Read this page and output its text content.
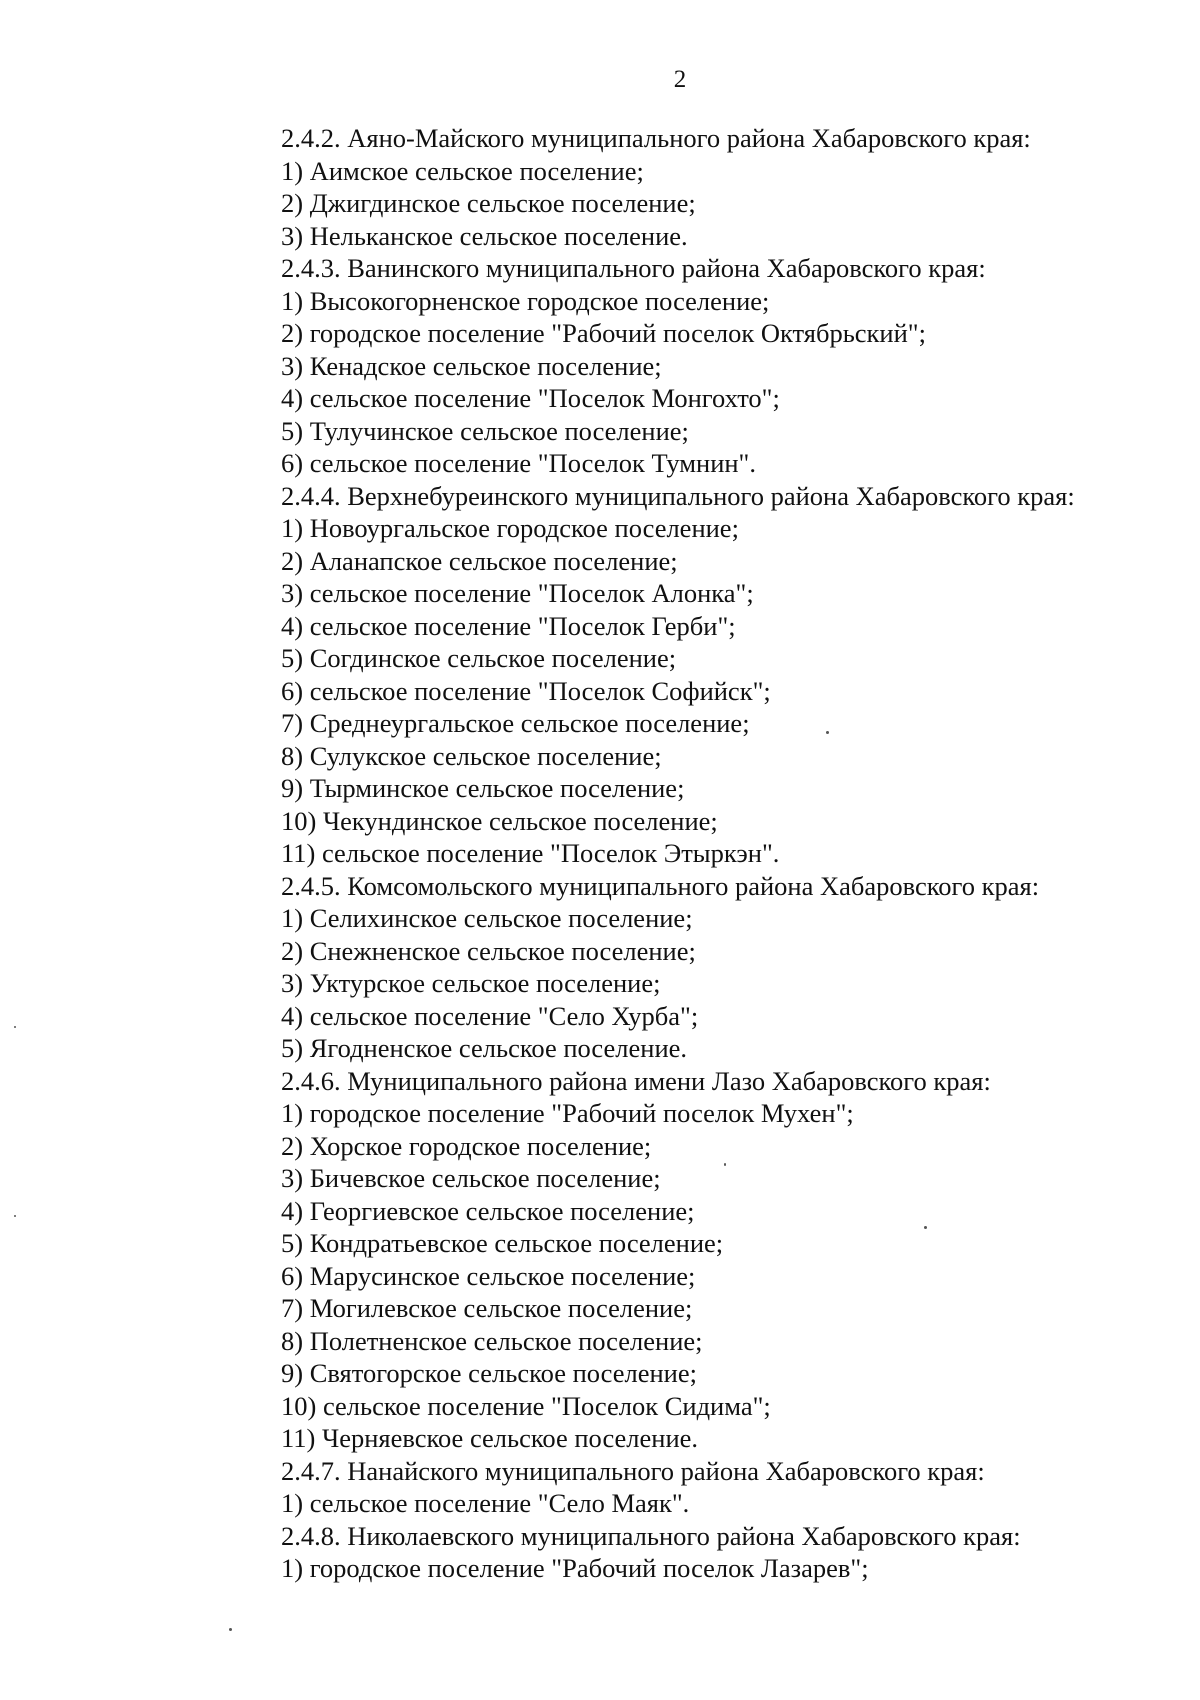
2
2.4.2. Аяно-Майского муниципального района Хабаровского края:
1) Аимское сельское поселение;
2) Джигдинское сельское поселение;
3) Нельканское сельское поселение.
2.4.3. Ванинского муниципального района Хабаровского края:
1) Высокогорненское городское поселение;
2) городское поселение "Рабочий поселок Октябрьский";
3) Кенадское сельское поселение;
4) сельское поселение "Поселок Монгохто";
5) Тулучинское сельское поселение;
6) сельское поселение "Поселок Тумнин".
2.4.4. Верхнебуреинского муниципального района Хабаровского края:
1) Новоургальское городское поселение;
2) Аланапское сельское поселение;
3) сельское поселение "Поселок Алонка";
4) сельское поселение "Поселок Герби";
5) Согдинское сельское поселение;
6) сельское поселение "Поселок Софийск";
7) Среднеургальское сельское поселение;
8) Сулукское сельское поселение;
9) Тырминское сельское поселение;
10) Чекундинское сельское поселение;
11) сельское поселение "Поселок Этыркэн".
2.4.5. Комсомольского муниципального района Хабаровского края:
1) Селихинское сельское поселение;
2) Снежненское сельское поселение;
3) Уктурское сельское поселение;
4) сельское поселение "Село Хурба";
5) Ягодненское сельское поселение.
2.4.6. Муниципального района имени Лазо Хабаровского края:
1) городское поселение "Рабочий поселок Мухен";
2) Хорское городское поселение;
3) Бичевское сельское поселение;
4) Георгиевское сельское поселение;
5) Кондратьевское сельское поселение;
6) Марусинское сельское поселение;
7) Могилевское сельское поселение;
8) Полетненское сельское поселение;
9) Святогорское сельское поселение;
10) сельское поселение "Поселок Сидима";
11) Черняевское сельское поселение.
2.4.7. Нанайского муниципального района Хабаровского края:
1) сельское поселение "Село Маяк".
2.4.8. Николаевского муниципального района Хабаровского края:
1) городское поселение "Рабочий поселок Лазарев";
